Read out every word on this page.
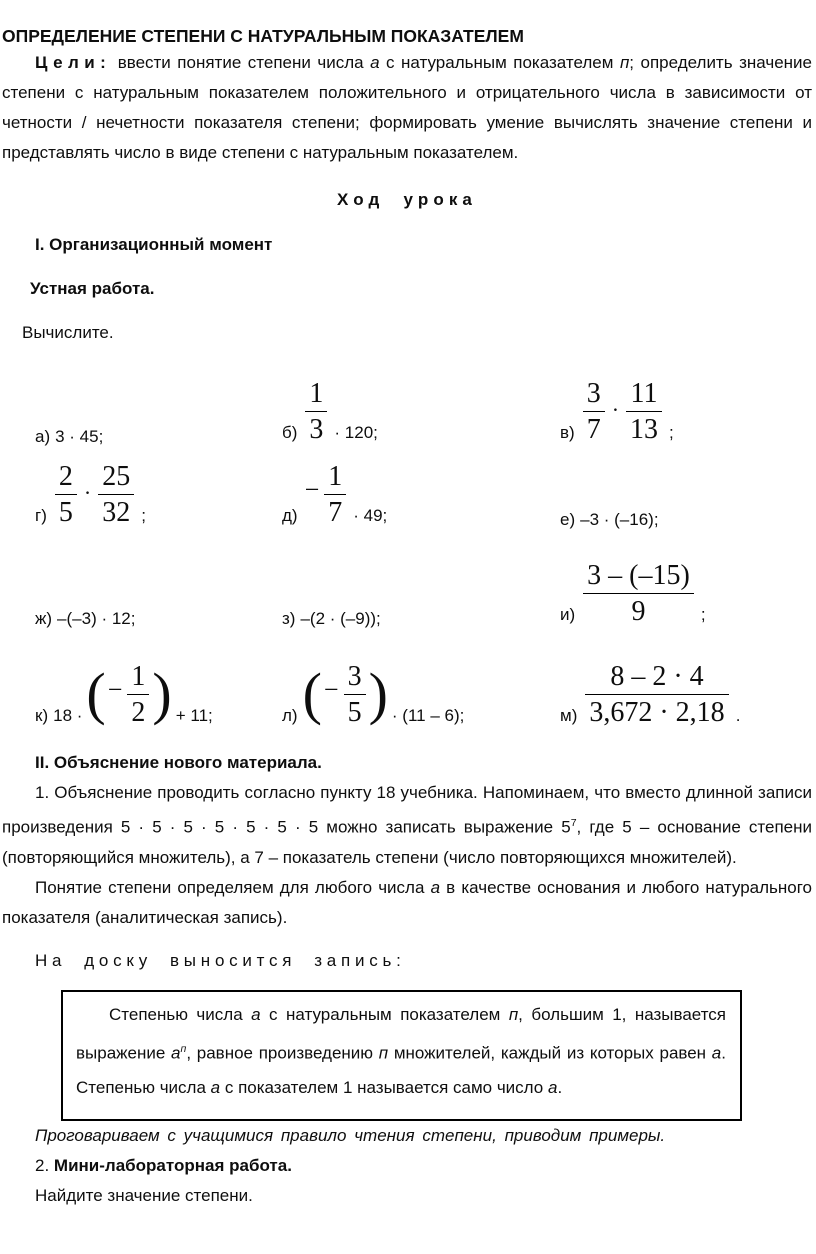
ОПРЕДЕЛЕНИЕ СТЕПЕНИ С НАТУРАЛЬНЫМ ПОКАЗАТЕЛЕМ

Цели: ввести понятие степени числа а с натуральным показателем п; определить значение степени с натуральным показателем положительного и отрицательного числа в зависимости от четности / нечетности показателя степени; формировать умение вычислять значение степени и представлять число в виде степени с натуральным показателем.

Ход урока

I. Организационный момент

Устная работа.

Вычислите.

а) 3 · 45;	$б) \frac{1}{3} \cdot 120$;	$в) \frac{3}{7} \cdot \frac{11}{13}$ ;
$г) \frac{2}{5} \cdot \frac{25}{32}$ ;	$д)- \frac{1}{7} \cdot 49$;	е) –3 · (–16);
ж) –(–3) · 12;	з) –(2 · (–9));	$и) \frac{3 - (-15)}{9}$ ;
к) 18 ·(− $\frac{1}{2}$ ) + 11;	$л)(- \frac{3}{5}$ ) · (11 – 6);	$м) \frac{8 - 2 \cdot 4}{3,672 \cdot 2,18}$ .

II. Объяснение нового материала.

1. Объяснение проводить согласно пункту 18 учебника. Напоминаем, что вместо длинной записи произведения 5 · 5 · 5 · 5 · 5 · 5 · 5 можно записать выражение $5^7$, где 5 – основание степени (повторяющийся множитель), а 7 – показатель степени (число повторяющихся множителей).

Понятие степени определяем для любого числа а в качестве основания и любого натурального показателя (аналитическая запись).

На доску выносится запись:
Степенью числа а с натуральным показателем п, большим 1, называется выражение $а^п$, равное произведению п множителей, каждый из которых равен а. Степенью числа а с показателем 1 называется само число а.

Проговариваем с учащимися правило чтения степени, приводим примеры.

2. Мини-лабораторная работа.

Найдите значение степени.
